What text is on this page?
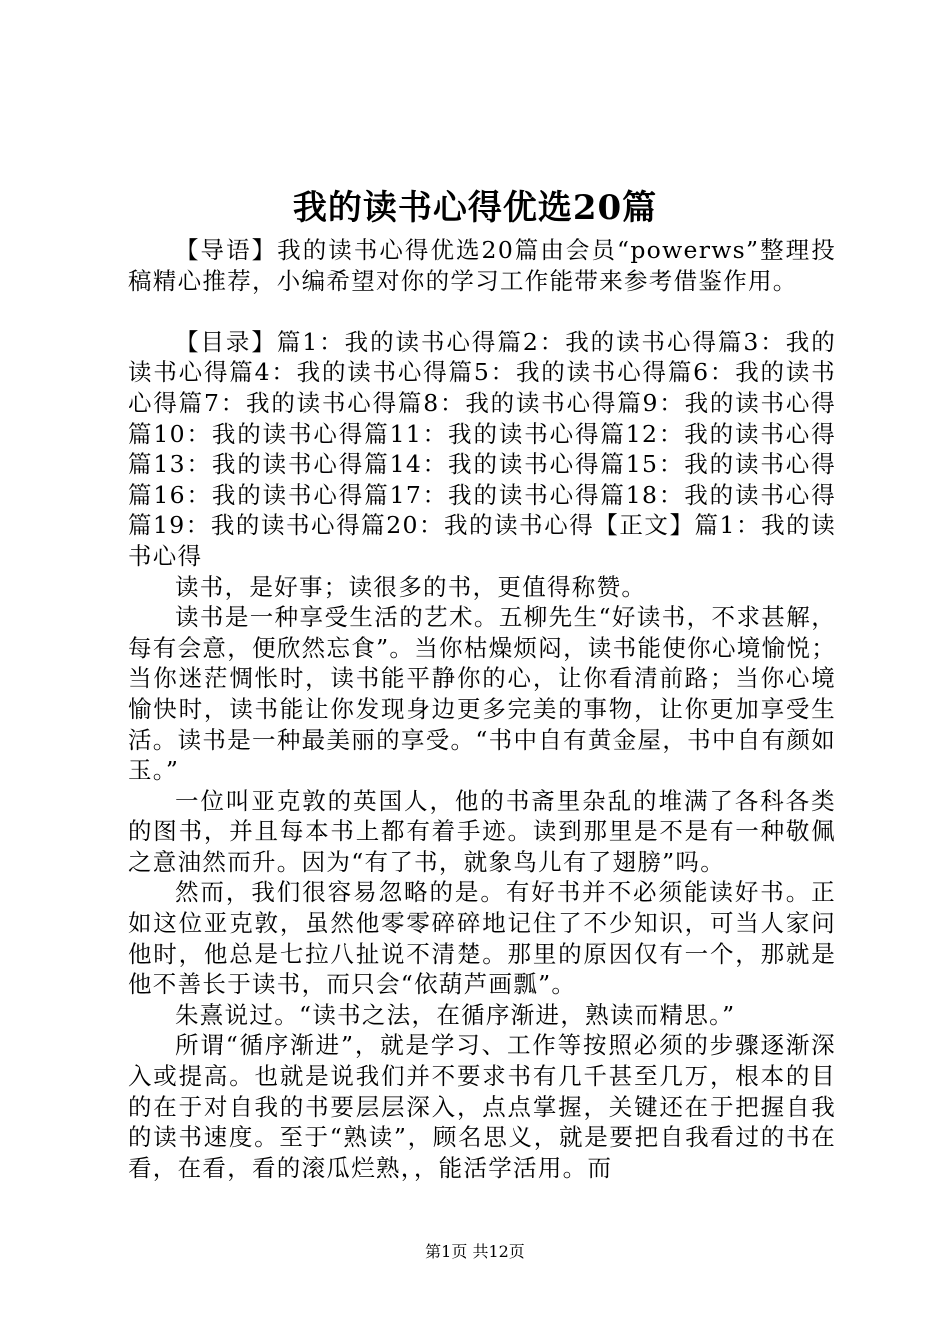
我的读书心得优选20篇

【导语】我的读书心得优选20篇由会员“powerws”整理投稿精心推荐，小编希望对你的学习工作能带来参考借鉴作用。

【目录】篇1：我的读书心得篇2：我的读书心得篇3：我的读书心得篇4：我的读书心得篇5：我的读书心得篇6：我的读书心得篇7：我的读书心得篇8：我的读书心得篇9：我的读书心得篇10：我的读书心得篇11：我的读书心得篇12：我的读书心得篇13：我的读书心得篇14：我的读书心得篇15：我的读书心得篇16：我的读书心得篇17：我的读书心得篇18：我的读书心得篇19：我的读书心得篇20：我的读书心得【正文】篇1：我的读书心得

读书，是好事；读很多的书，更值得称赞。

读书是一种享受生活的艺术。五柳先生“好读书，不求甚解，每有会意，便欣然忘食”。当你枯燥烦闷，读书能使你心境愉悦；当你迷茫惆怅时，读书能平静你的心，让你看清前路；当你心境愉快时，读书能让你发现身边更多完美的事物，让你更加享受生活。读书是一种最美丽的享受。“书中自有黄金屋，书中自有颜如玉。”

一位叫亚克敦的英国人，他的书斋里杂乱的堆满了各科各类的图书，并且每本书上都有着手迹。读到那里是不是有一种敬佩之意油然而升。因为“有了书，就象鸟儿有了翅膀”吗。

然而，我们很容易忽略的是。有好书并不必须能读好书。正如这位亚克敦，虽然他零零碎碎地记住了不少知识，可当人家问他时，他总是七拉八扯说不清楚。那里的原因仅有一个，那就是他不善长于读书，而只会“依葫芦画瓢”。

朱熹说过。“读书之法，在循序渐进，熟读而精思。”

所谓“循序渐进”，就是学习、工作等按照必须的步骤逐渐深入或提高。也就是说我们并不要求书有几千甚至几万，根本的目的在于对自我的书要层层深入，点点掌握，关键还在于把握自我的读书速度。至于“熟读”，顾名思义，就是要把自我看过的书在看，在看，看的滚瓜烂熟，，能活学活用。而

第1页 共12页
